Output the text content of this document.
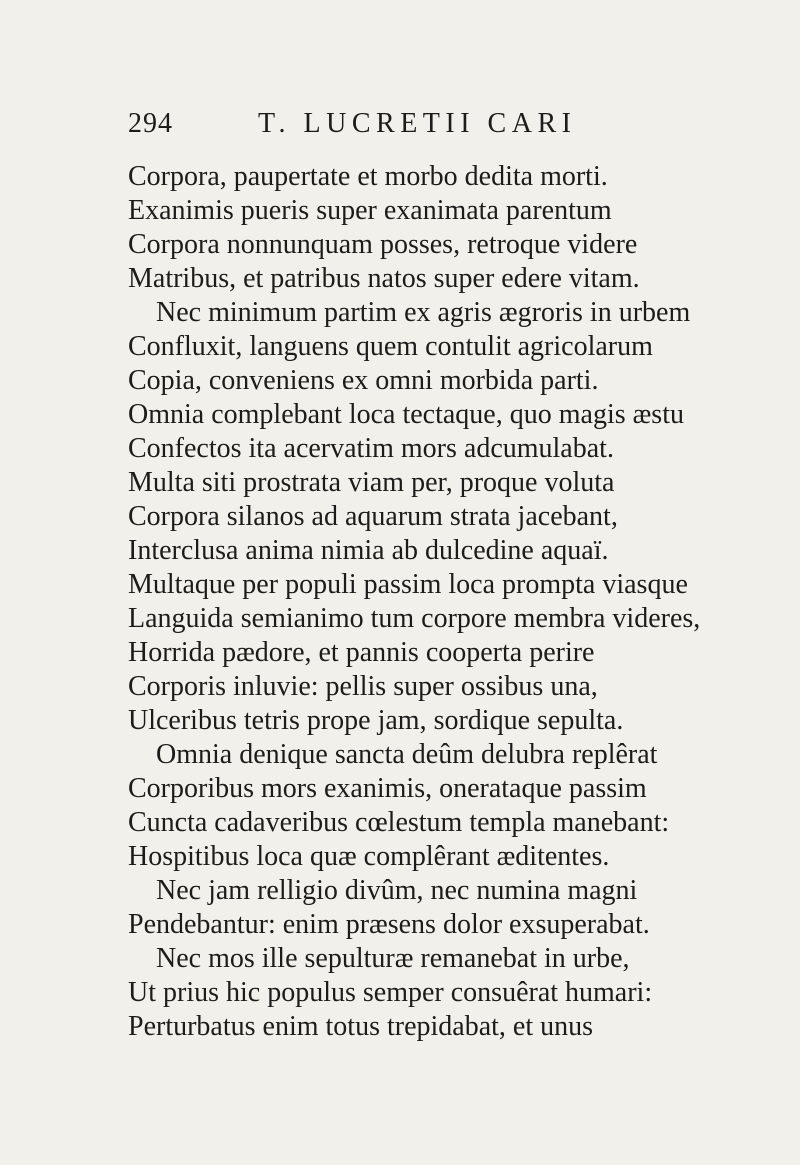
294	T. LUCRETII CARI
Corpora, paupertate et morbo dedita morti.
Exanimis pueris super exanimata parentum
Corpora nonnunquam posses, retroque videre
Matribus, et patribus natos super edere vitam.
Nec minimum partim ex agris ægroris in urbem
Confluxit, languens quem contulit agricolarum
Copia, conveniens ex omni morbida parti.
Omnia complebant loca tectaque, quo magis æstu
Confectos ita acervatim mors adcumulabat.
Multa siti prostrata viam per, proque voluta
Corpora silanos ad aquarum strata jacebant,
Interclusa anima nimia ab dulcedine aquaï.
Multaque per populi passim loca prompta viasque
Languida semianimo tum corpore membra videres,
Horrida pædore, et pannis cooperta perire
Corporis inluvie: pellis super ossibus una,
Ulceribus tetris prope jam, sordique sepulta.
Omnia denique sancta deûm delubra replêrat
Corporibus mors exanimis, onerataque passim
Cuncta cadaveribus cœlestum templa manebant:
Hospitibus loca quæ complêrant æditentes.
Nec jam relligio divûm, nec numina magni
Pendebantur: enim præsens dolor exsuperabat.
Nec mos ille sepulturæ remanebat in urbe,
Ut prius hic populus semper consuêrat humari:
Perturbatus enim totus trepidabat, et unus
